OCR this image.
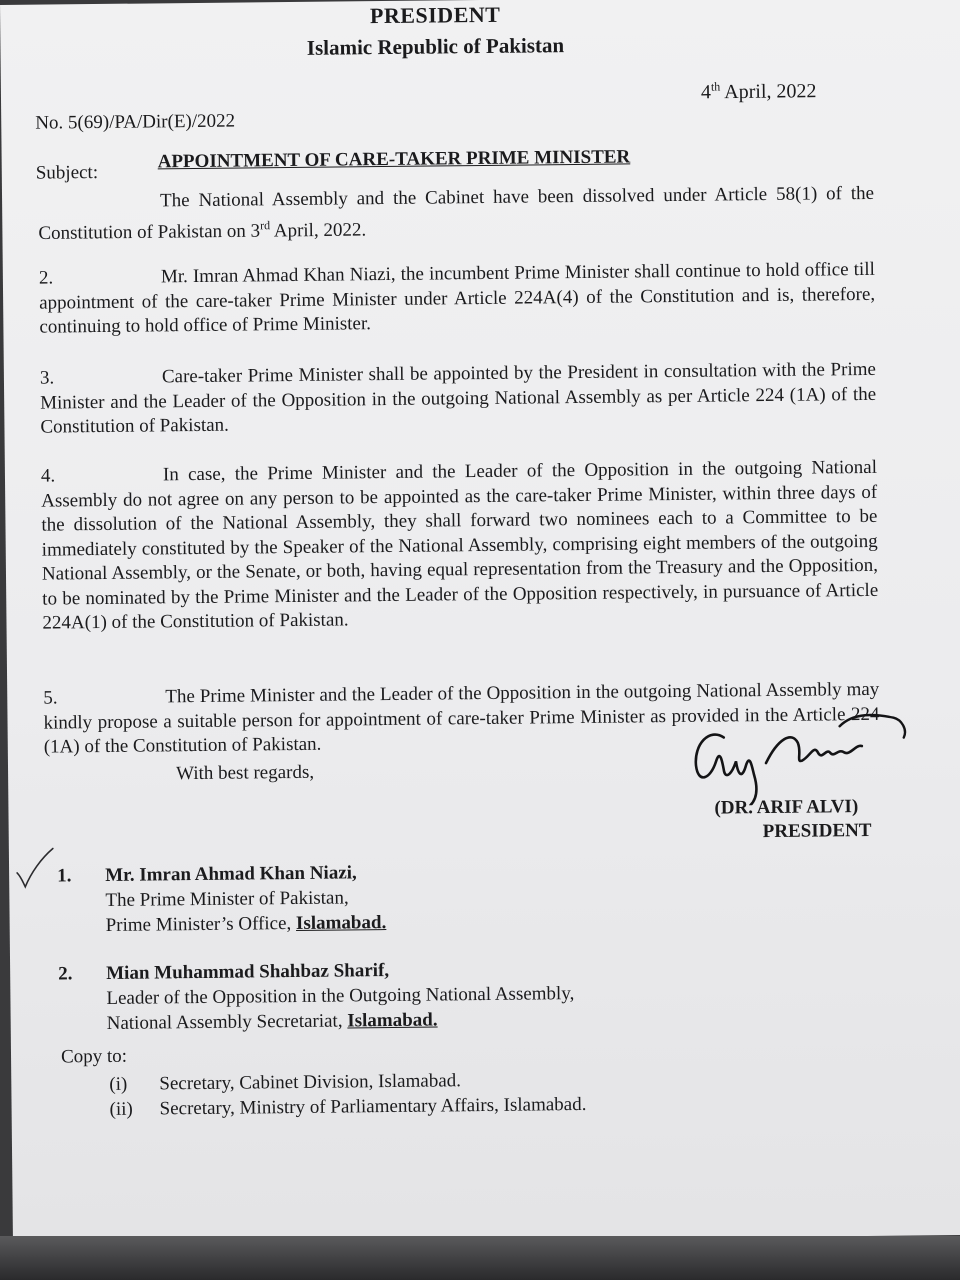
PRESIDENT
Islamic Republic of Pakistan
4th April, 2022
No. 5(69)/PA/Dir(E)/2022
Subject:
APPOINTMENT OF CARE-TAKER PRIME MINISTER
The National Assembly and the Cabinet have been dissolved under Article 58(1) of the Constitution of Pakistan on 3rd April, 2022.
2.	Mr. Imran Ahmad Khan Niazi, the incumbent Prime Minister shall continue to hold office till appointment of the care-taker Prime Minister under Article 224A(4) of the Constitution and is, therefore, continuing to hold office of Prime Minister.
3.	Care-taker Prime Minister shall be appointed by the President in consultation with the Prime Minister and the Leader of the Opposition in the outgoing National Assembly as per Article 224 (1A) of the Constitution of Pakistan.
4.	In case, the Prime Minister and the Leader of the Opposition in the outgoing National Assembly do not agree on any person to be appointed as the care-taker Prime Minister, within three days of the dissolution of the National Assembly, they shall forward two nominees each to a Committee to be immediately constituted by the Speaker of the National Assembly, comprising eight members of the outgoing National Assembly, or the Senate, or both, having equal representation from the Treasury and the Opposition, to be nominated by the Prime Minister and the Leader of the Opposition respectively, in pursuance of Article 224A(1) of the Constitution of Pakistan.
5.	The Prime Minister and the Leader of the Opposition in the outgoing National Assembly may kindly propose a suitable person for appointment of care-taker Prime Minister as provided in the Article 224 (1A) of the Constitution of Pakistan.
With best regards,
(DR. ARIF ALVI)
PRESIDENT
1. Mr. Imran Ahmad Khan Niazi,
The Prime Minister of Pakistan,
Prime Minister’s Office, Islamabad.
2. Mian Muhammad Shahbaz Sharif,
Leader of the Opposition in the Outgoing National Assembly,
National Assembly Secretariat, Islamabad.
Copy to:
(i) Secretary, Cabinet Division, Islamabad.
(ii) Secretary, Ministry of Parliamentary Affairs, Islamabad.
